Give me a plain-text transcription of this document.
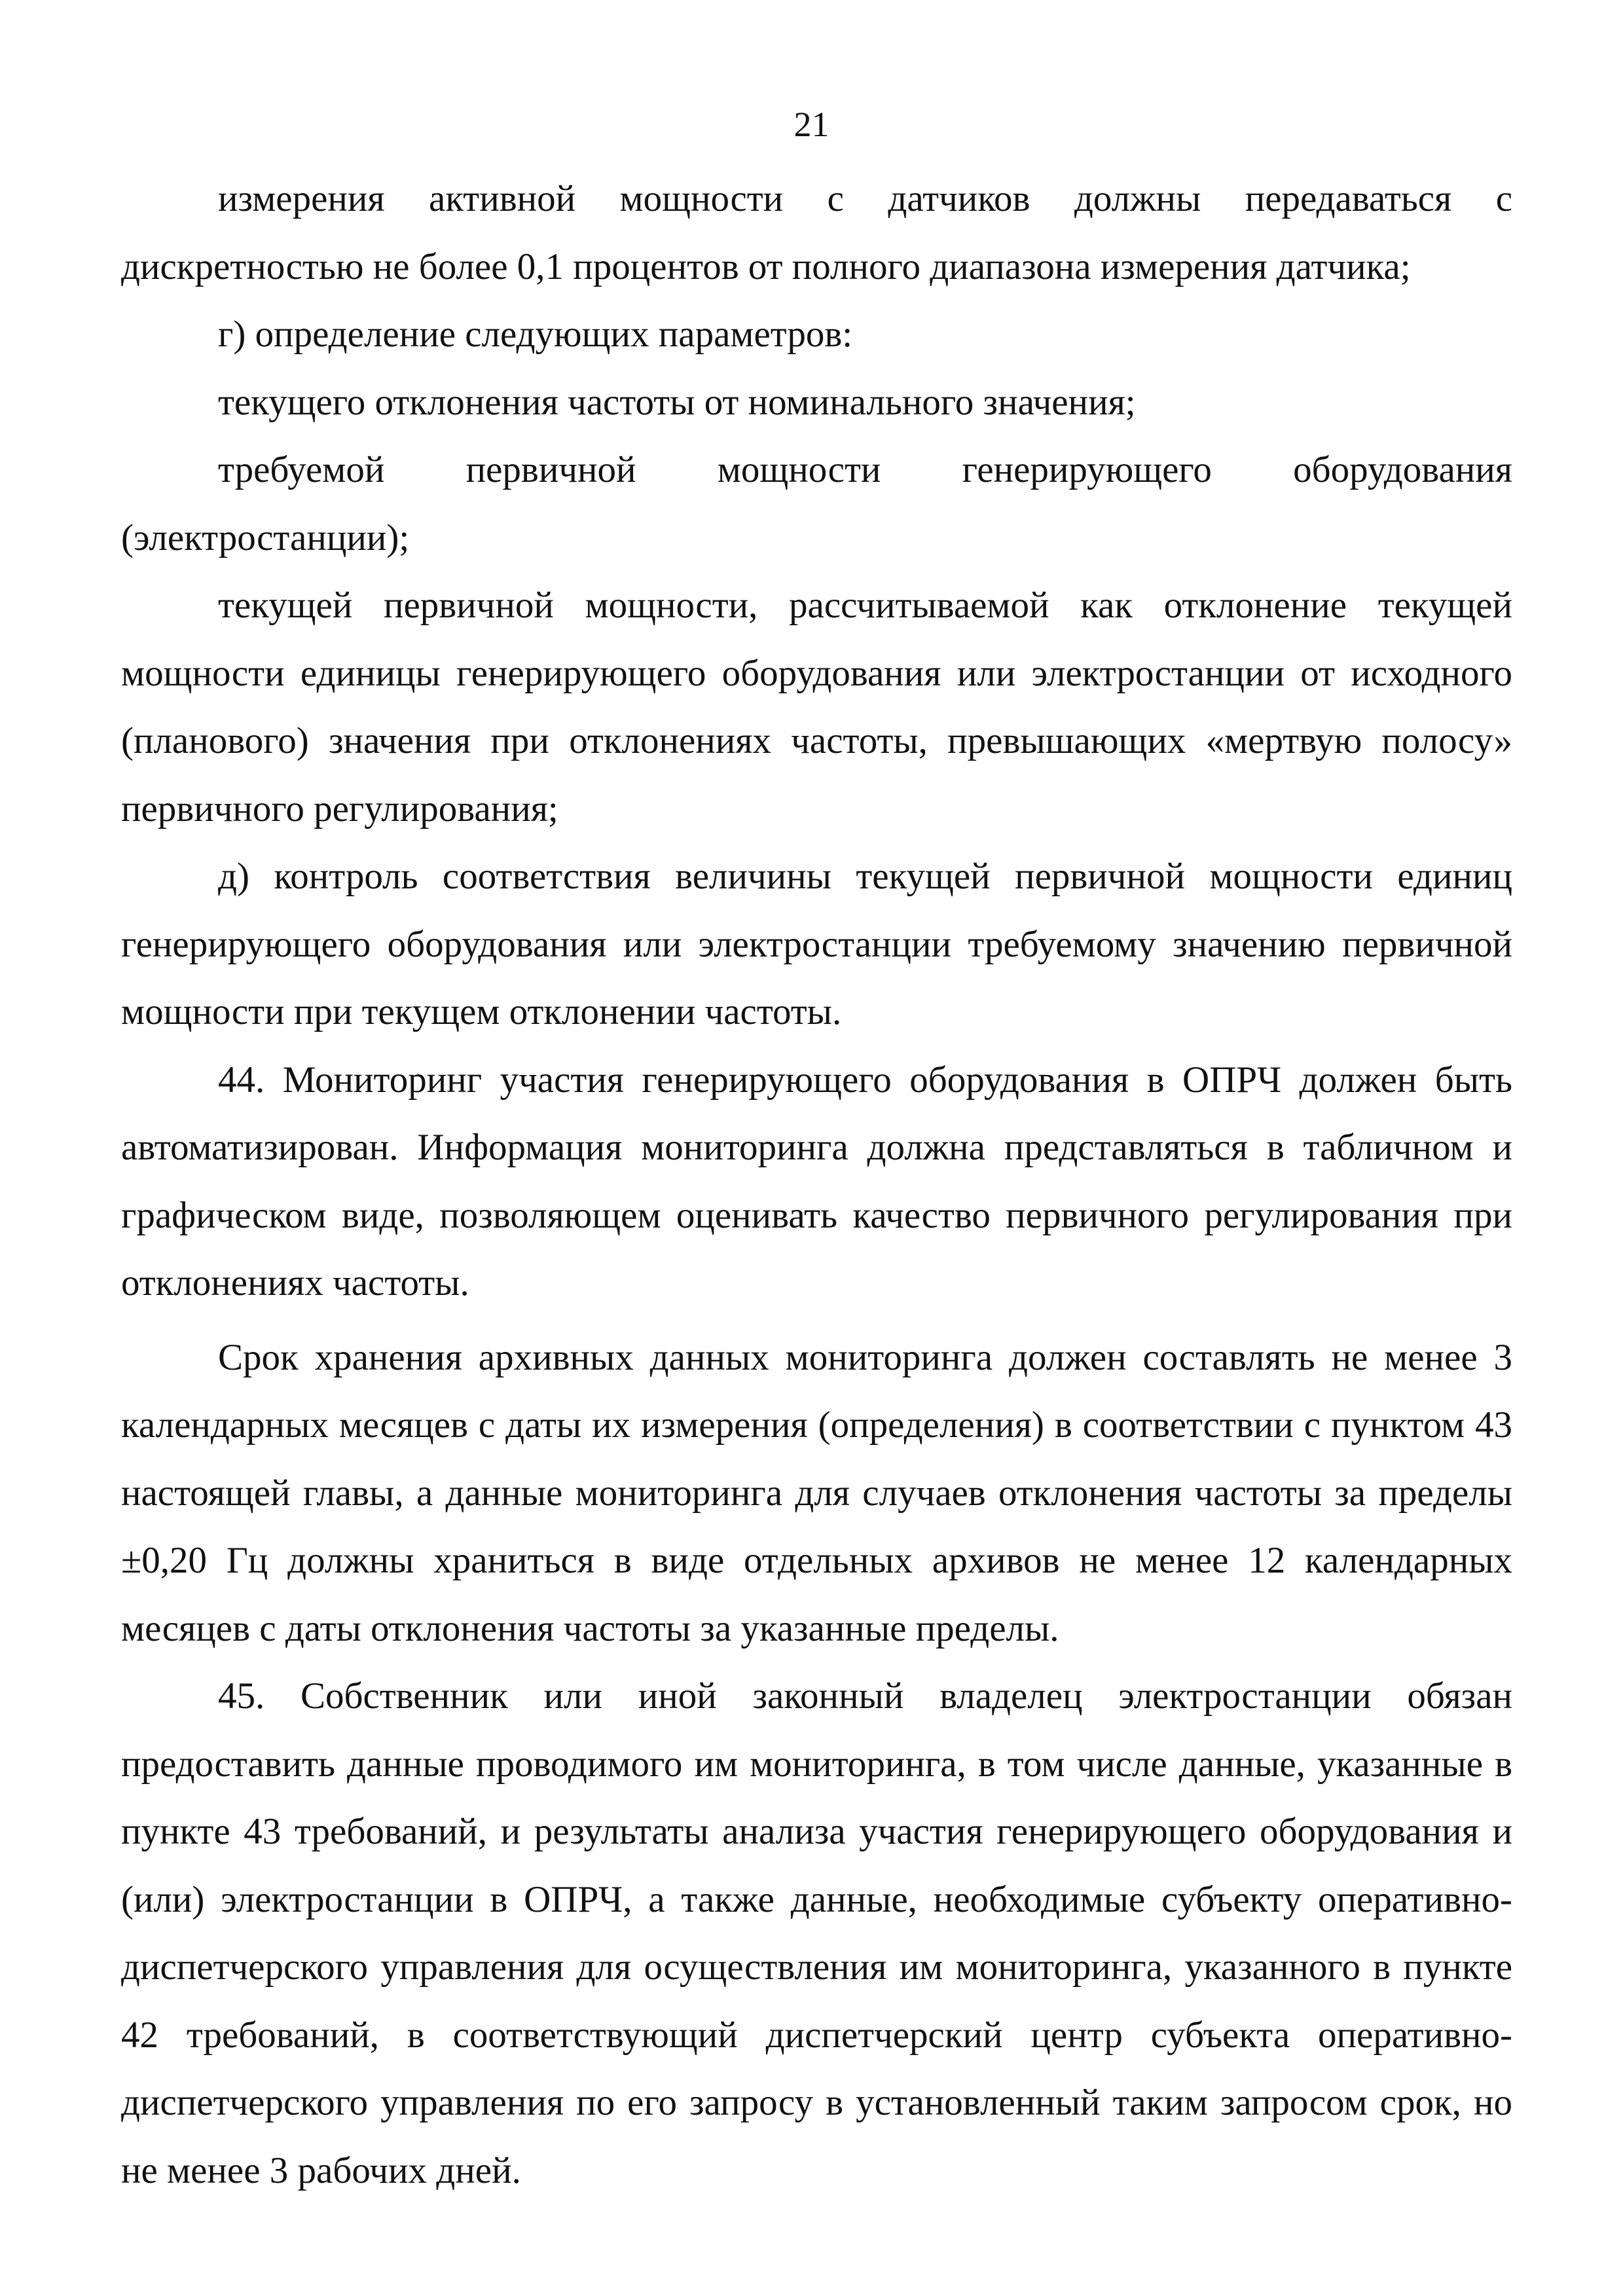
21

измерения активной мощности с датчиков должны передаваться с дискретностью не более 0,1 процентов от полного диапазона измерения датчика;

г) определение следующих параметров:

текущего отклонения частоты от номинального значения;

требуемой первичной мощности генерирующего оборудования (электростанции);

текущей первичной мощности, рассчитываемой как отклонение текущей мощности единицы генерирующего оборудования или электростанции от исходного (планового) значения при отклонениях частоты, превышающих «мертвую полосу» первичного регулирования;

д) контроль соответствия величины текущей первичной мощности единиц генерирующего оборудования или электростанции требуемому значению первичной мощности при текущем отклонении частоты.

44. Мониторинг участия генерирующего оборудования в ОПРЧ должен быть автоматизирован. Информация мониторинга должна представляться в табличном и графическом виде, позволяющем оценивать качество первичного регулирования при отклонениях частоты.

Срок хранения архивных данных мониторинга должен составлять не менее 3 календарных месяцев с даты их измерения (определения) в соответствии с пунктом 43 настоящей главы, а данные мониторинга для случаев отклонения частоты за пределы ±0,20 Гц должны храниться в виде отдельных архивов не менее 12 календарных месяцев с даты отклонения частоты за указанные пределы.

45. Собственник или иной законный владелец электростанции обязан предоставить данные проводимого им мониторинга, в том числе данные, указанные в пункте 43 требований, и результаты анализа участия генерирующего оборудования и (или) электростанции в ОПРЧ, а также данные, необходимые субъекту оперативно-диспетчерского управления для осуществления им мониторинга, указанного в пункте 42 требований, в соответствующий диспетчерский центр субъекта оперативно-диспетчерского управления по его запросу в установленный таким запросом срок, но не менее 3 рабочих дней.
